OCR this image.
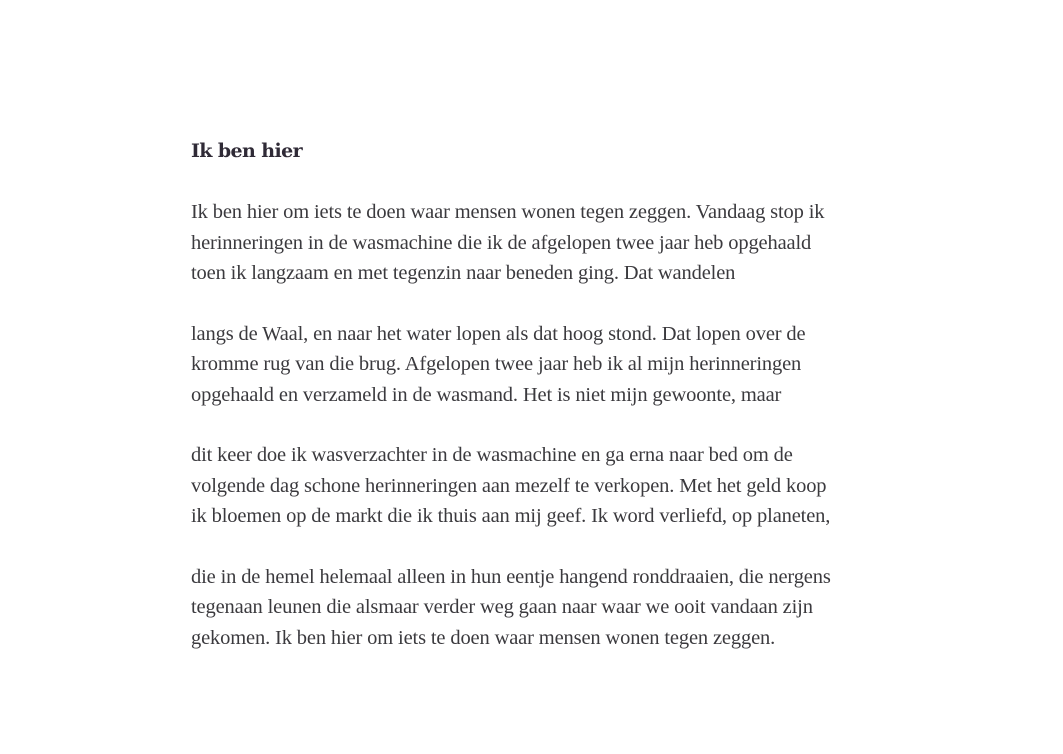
Ik ben hier
Ik ben hier om iets te doen waar mensen wonen tegen zeggen. Vandaag stop ik
herinneringen in de wasmachine die ik de afgelopen twee jaar heb opgehaald
toen ik langzaam en met tegenzin naar beneden ging. Dat wandelen
langs de Waal, en naar het water lopen als dat hoog stond. Dat lopen over de
kromme rug van die brug. Afgelopen twee jaar heb ik al mijn herinneringen
opgehaald en verzameld in de wasmand. Het is niet mijn gewoonte, maar
dit keer doe ik wasverzachter in de wasmachine en ga erna naar bed om de
volgende dag schone herinneringen aan mezelf te verkopen. Met het geld koop
ik bloemen op de markt die ik thuis aan mij geef. Ik word verliefd, op planeten,
die in de hemel helemaal alleen in hun eentje hangend ronddraaien, die nergens
tegenaan leunen die alsmaar verder weg gaan naar waar we ooit vandaan zijn
gekomen. Ik ben hier om iets te doen waar mensen wonen tegen zeggen.
